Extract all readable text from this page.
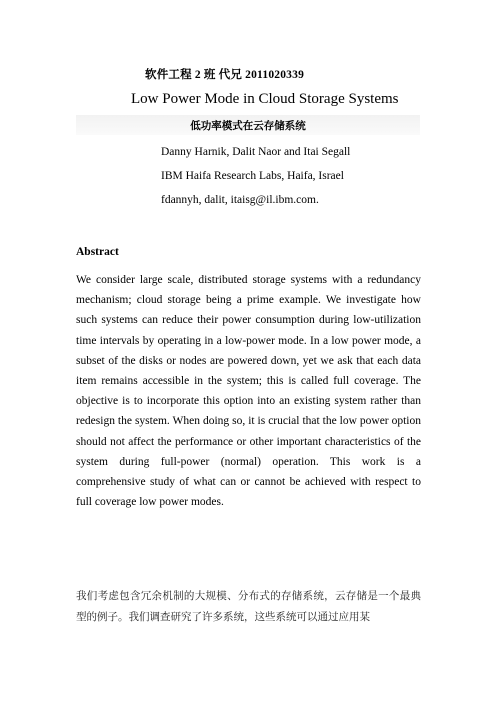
软件工程 2 班 代兄 2011020339
Low Power Mode in Cloud Storage Systems
低功率模式在云存储系统
Danny Harnik, Dalit Naor and Itai Segall
IBM Haifa Research Labs, Haifa, Israel
fdannyh, dalit, itaisg@il.ibm.com.
Abstract
We consider large scale, distributed storage systems with a redundancy mechanism; cloud storage being a prime example. We investigate how such systems can reduce their power consumption during low-utilization time intervals by operating in a low-power mode. In a low power mode, a subset of the disks or nodes are powered down, yet we ask that each data item remains accessible in the system; this is called full coverage. The objective is to incorporate this option into an existing system rather than redesign the system. When doing so, it is crucial that the low power option should not affect the performance or other important characteristics of the system during full-power (normal) operation. This work is a comprehensive study of what can or cannot be achieved with respect to full coverage low power modes.
我们考虑包含冗余机制的大规模、分布式的存储系统，云存储是一个最典型的例子。我们调查研究了许多系统，这些系统可以通过应用某
